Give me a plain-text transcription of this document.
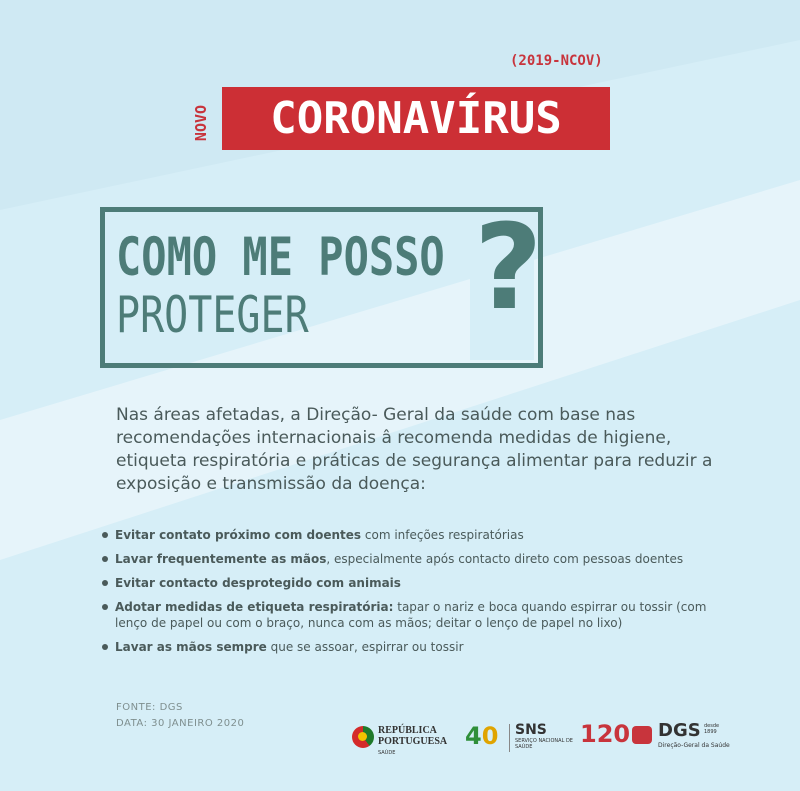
(2019-NCOV)
NOVO CORONAVÍRUS
COMO ME POSSO
PROTEGER ?
Nas áreas afetadas, a Direção- Geral da saúde com base nas recomendações internacionais â recomenda medidas de higiene, etiqueta respiratória e práticas de segurança alimentar para reduzir a exposição e transmissão da doença:
Evitar contato próximo com doentes com infeções respiratórias
Lavar frequentemente as mãos, especialmente após contacto direto com pessoas doentes
Evitar contacto desprotegido com animais
Adotar medidas de etiqueta respiratória: tapar o nariz e boca quando espirrar ou tossir (com lenço de papel ou com o braço, nunca com as mãos; deitar o lenço de papel no lixo)
Lavar as mãos sempre que se assoar, espirrar ou tossir
FONTE: DGS
DATA: 30 JANEIRO 2020
REPÚBLICA
PORTUGUESA
SAÚDE
40 SNS
SERVIÇO NACIONAL DE SAÚDE	120 DGS desde 1899
Direção-Geral da Saúde
